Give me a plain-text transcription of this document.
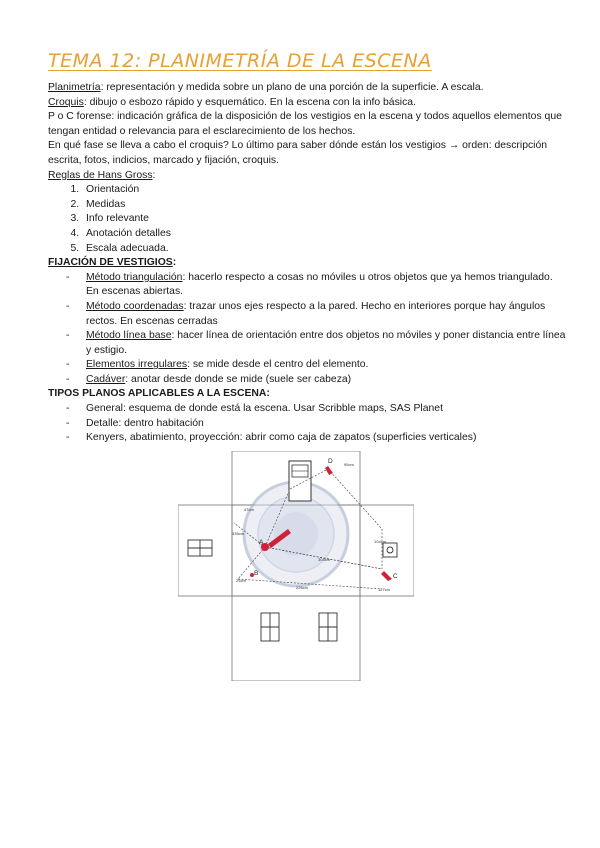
TEMA 12: PLANIMETRÍA DE LA ESCENA

Planimetría: representación y medida sobre un plano de una porción de la superficie. A escala.

Croquis: dibujo o esbozo rápido y esquemático. En la escena con la info básica.

P o C forense: indicación gráfica de la disposición de los vestigios en la escena y todos aquellos elementos que tengan entidad o relevancia para el esclarecimiento de los hechos.

En qué fase se lleva a cabo el croquis? Lo último para saber dónde están los vestigios → orden: descripción escrita, fotos, indicios, marcado y fijación, croquis.

Reglas de Hans Gross:

1. Orientación
2. Medidas
3. Info relevante
4. Anotación detalles
5. Escala adecuada.

FIJACIÓN DE VESTIGIOS:

- Método triangulación: hacerlo respecto a cosas no móviles u otros objetos que ya hemos triangulado. En escenas abiertas.
- Método coordenadas: trazar unos ejes respecto a la pared. Hecho en interiores porque hay ángulos rectos. En escenas cerradas
- Método línea base: hacer línea de orientación entre dos objetos no móviles y poner distancia entre línea y estigio.
- Elementos irregulares: se mide desde el centro del elemento.
- Cadáver: anotar desde donde se mide (suele ser cabeza)

TIPOS PLANOS APLICABLES A LA ESCENA:

- General: esquema de donde está la escena. Usar Scribble maps, SAS Planet
- Detalle: dentro habitación
- Kenyers, abatimiento, proyección: abrir como caja de zapatos (superficies verticales)
A
B	C
D
335cm
304cm
104cm
226cm
25cm
127cm
47cm
99cm
